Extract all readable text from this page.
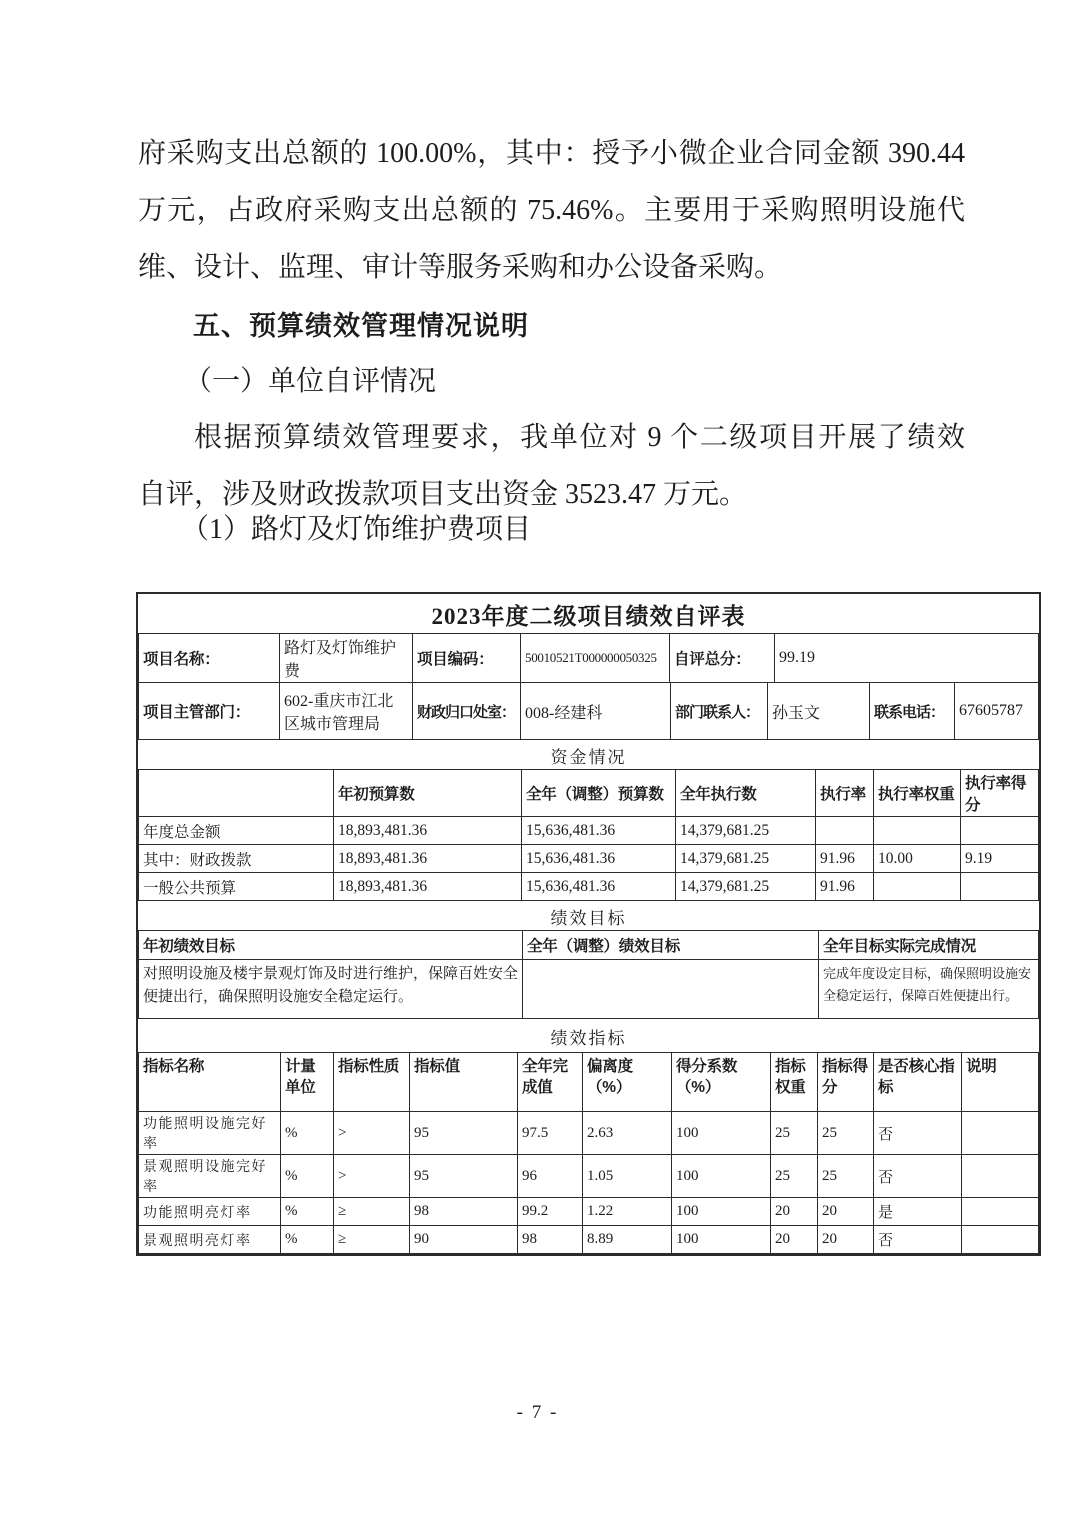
府采购支出总额的 100.00%，其中：授予小微企业合同金额 390.44
万元，占政府采购支出总额的 75.46%。主要用于采购照明设施代
维、设计、监理、审计等服务采购和办公设备采购。
五、预算绩效管理情况说明
（一）单位自评情况
根据预算绩效管理要求，我单位对 9 个二级项目开展了绩效
自评，涉及财政拨款项目支出资金 3523.47 万元。
（1）路灯及灯饰维护费项目
2023年度二级项目绩效自评表
项目名称：	路灯及灯饰维护费	项目编码：	50010521T000000050325	自评总分：	99.19
项目主管部门：	602-重庆市江北区城市管理局	财政归口处室：	008-经建科	部门联系人：	孙玉文	联系电话：	67605787
资金情况
	年初预算数	全年（调整）预算数	全年执行数	执行率	执行率权重	执行率得分
年度总金额	18,893,481.36	15,636,481.36	14,379,681.25			
其中：财政拨款	18,893,481.36	15,636,481.36	14,379,681.25	91.96	10.00	9.19
一般公共预算	18,893,481.36	15,636,481.36	14,379,681.25	91.96		
绩效目标
年初绩效目标	全年（调整）绩效目标	全年目标实际完成情况
对照明设施及楼宇景观灯饰及时进行维护，保障百姓安全便捷出行，确保照明设施安全稳定运行。		完成年度设定目标，确保照明设施安全稳定运行，保障百姓便捷出行。
绩效指标
指标名称	计量单位	指标性质	指标值	全年完成值	偏离度（%）	得分系数（%）	指标权重	指标得分	是否核心指标	说明
功能照明设施完好率	%	>	95	97.5	2.63	100	25	25	否	
景观照明设施完好率	%	>	95	96	1.05	100	25	25	否	
功能照明亮灯率	%	≥	98	99.2	1.22	100	20	20	是	
景观照明亮灯率	%	≥	90	98	8.89	100	20	20	否	
- 7 -
